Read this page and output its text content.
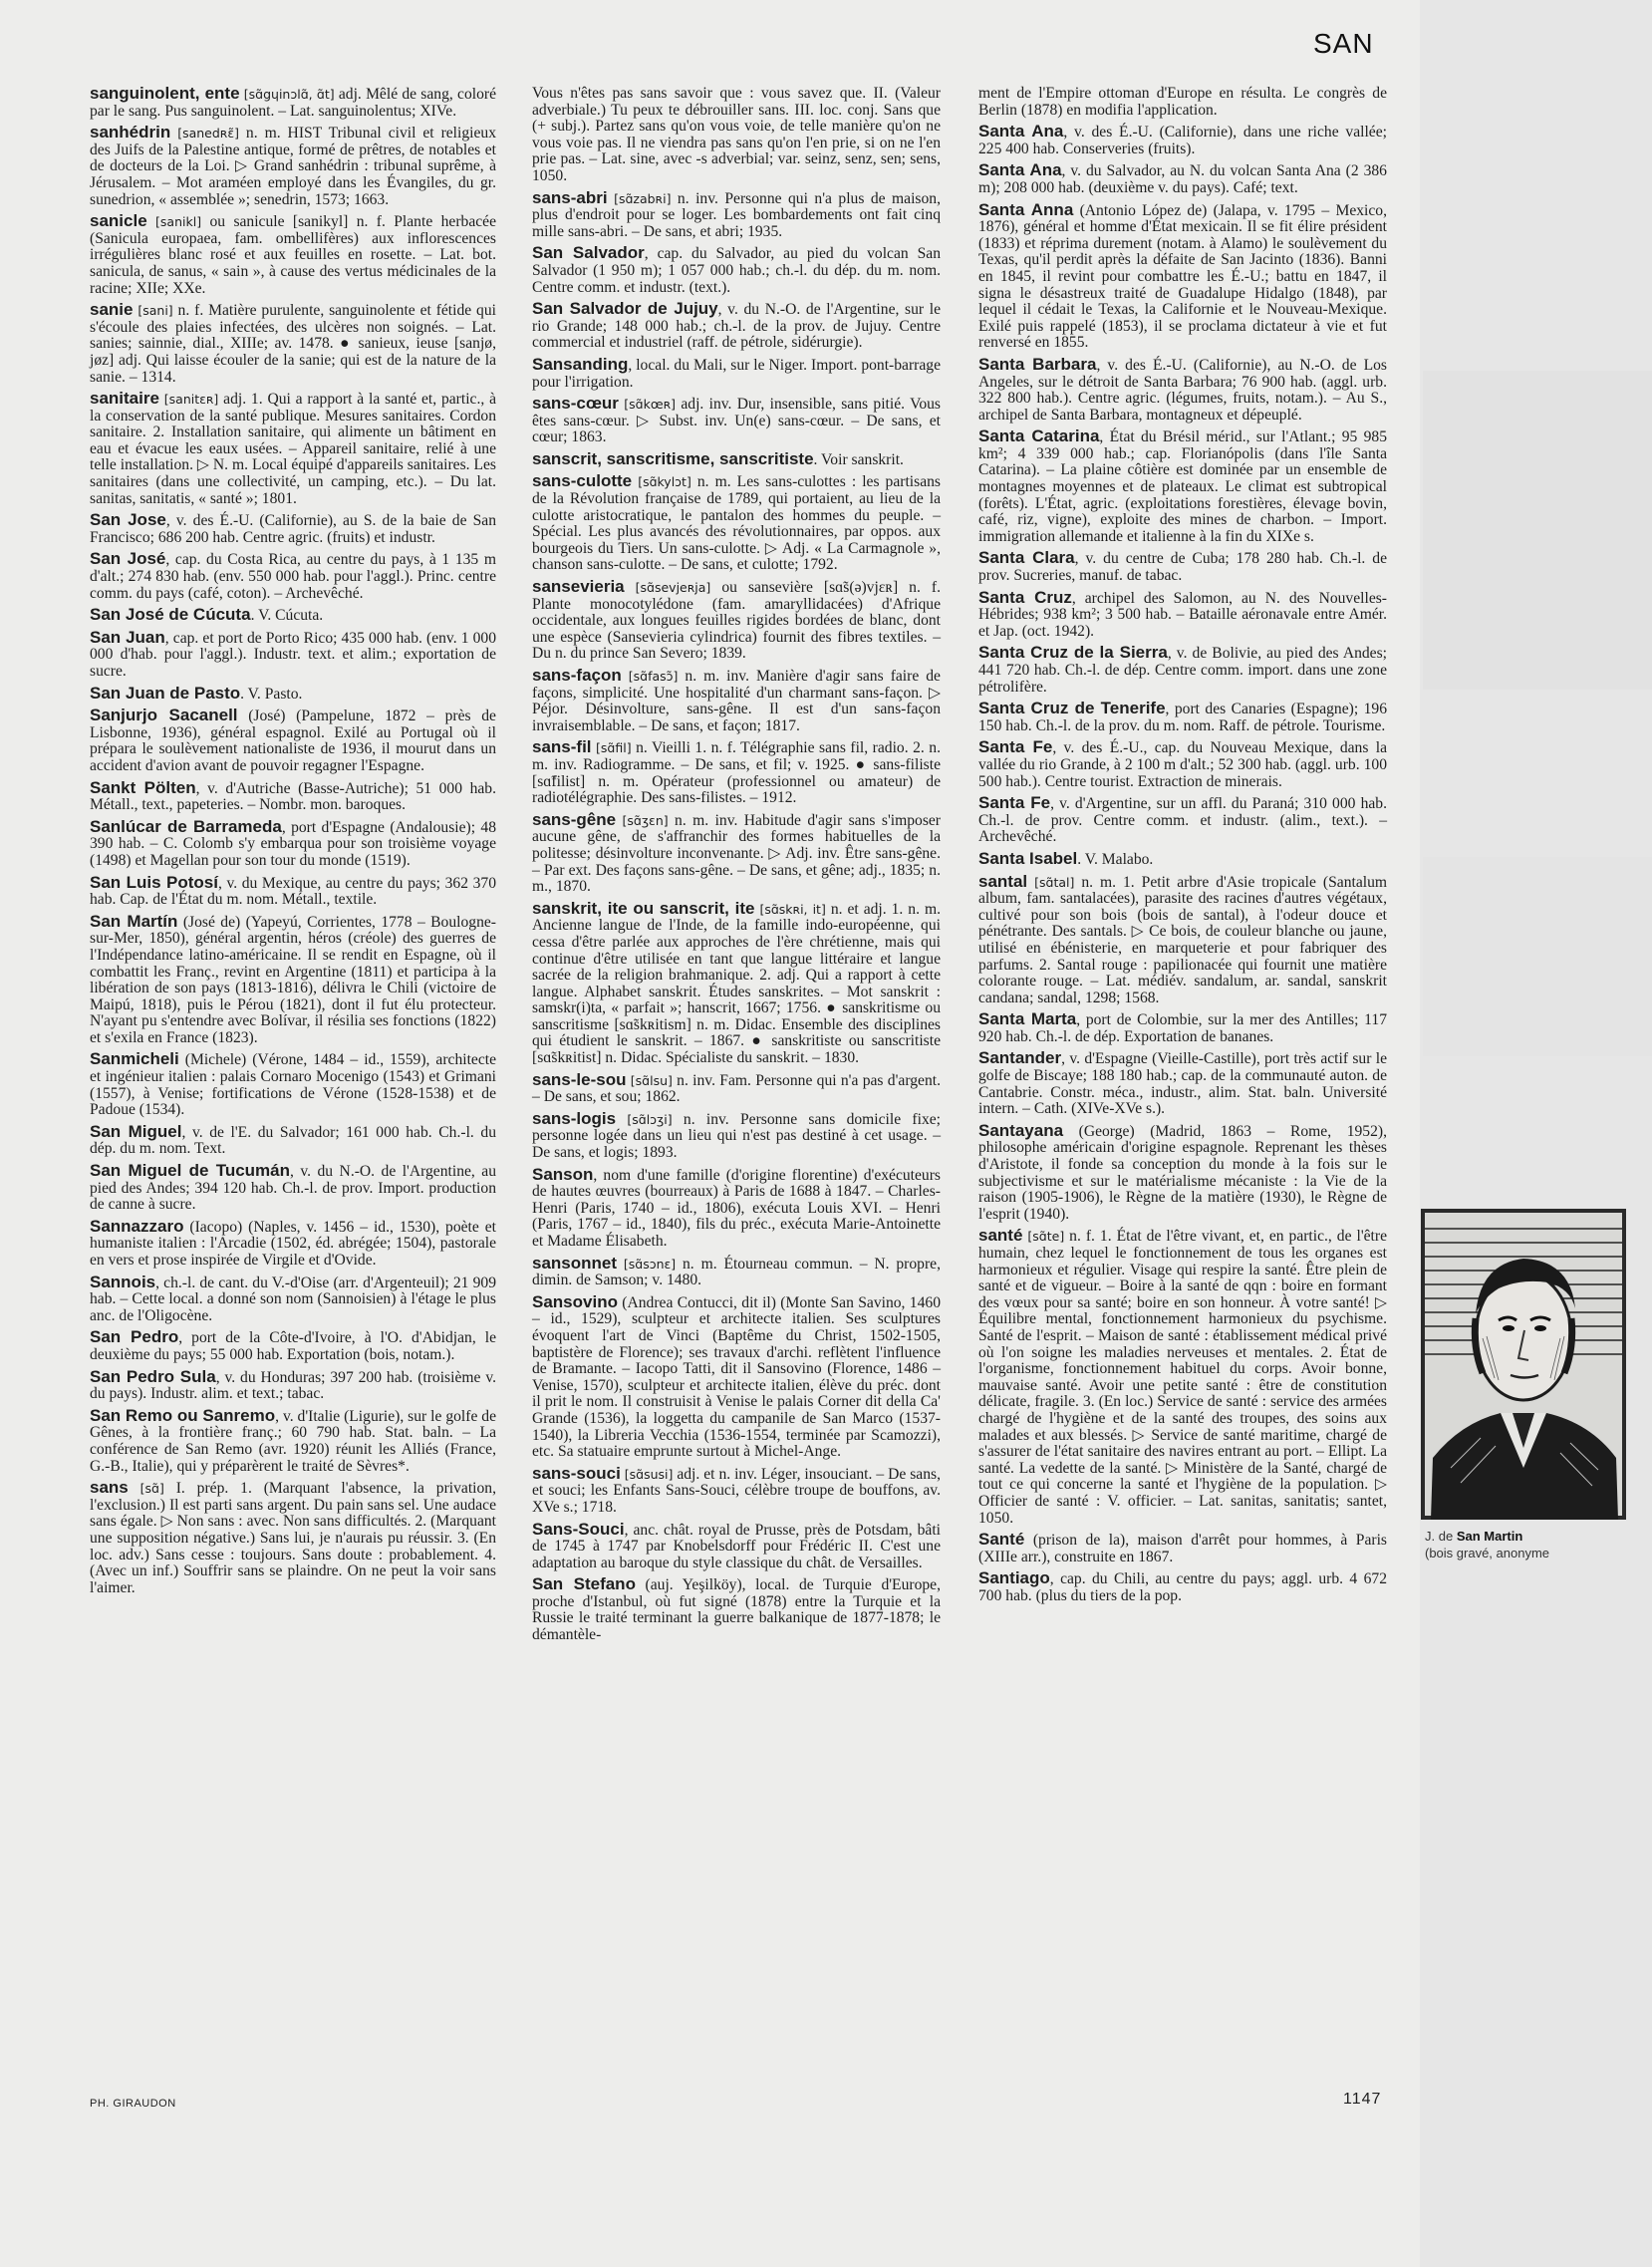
SAN
sanguinolent, ente [sɑ̃gɥinɔlɑ̃, ɑ̃t] adj. Mêlé de sang, coloré par le sang. Pus sanguinolent. – Lat. sanguinolentus; XIVe.
sanhédrin [sanedʀɛ̃] n. m. HIST Tribunal civil et religieux des Juifs de la Palestine antique, formé de prêtres, de notables et de docteurs de la Loi. ▷ Grand sanhédrin : tribunal suprême, à Jérusalem. – Mot araméen employé dans les Évangiles, du gr. sunedrion, « assemblée »; senedrin, 1573; 1663.
sanicle [sanikl] ou sanicule [sanikyl] n. f. Plante herbacée (Sanicula europaea, fam. ombellifères) aux inflorescences irrégulières blanc rosé et aux feuilles en rosette. – Lat. bot. sanicula, de sanus, « sain », à cause des vertus médicinales de la racine; XIIe; XXe.
sanie [sani] n. f. Matière purulente, sanguinolente et fétide qui s'écoule des plaies infectées, des ulcères non soignés. – Lat. sanies; sainnie, dial., XIIIe; av. 1478. ● sanieux, ieuse [sanjø, jøz] adj. Qui laisse écouler de la sanie; qui est de la nature de la sanie. – 1314.
sanitaire [sanitɛʀ] adj. 1. Qui a rapport à la santé et, partic., à la conservation de la santé publique. Mesures sanitaires. Cordon sanitaire. 2. Installation sanitaire, qui alimente un bâtiment en eau et évacue les eaux usées. – Appareil sanitaire, relié à une telle installation. ▷ N. m. Local équipé d'appareils sanitaires. Les sanitaires (dans une collectivité, un camping, etc.). – Du lat. sanitas, sanitatis, « santé »; 1801.
San Jose, v. des É.-U. (Californie), au S. de la baie de San Francisco; 686 200 hab. Centre agric. (fruits) et industr.
San José, cap. du Costa Rica, au centre du pays, à 1 135 m d'alt.; 274 830 hab. (env. 550 000 hab. pour l'aggl.). Princ. centre comm. du pays (café, coton). – Archevêché.
San José de Cúcuta. V. Cúcuta.
San Juan, cap. et port de Porto Rico; 435 000 hab. (env. 1 000 000 d'hab. pour l'aggl.). Industr. text. et alim.; exportation de sucre.
San Juan de Pasto. V. Pasto.
Sanjurjo Sacanell (José) (Pampelune, 1872 – près de Lisbonne, 1936), général espagnol. Exilé au Portugal où il prépara le soulèvement nationaliste de 1936, il mourut dans un accident d'avion avant de pouvoir regagner l'Espagne.
Sankt Pölten, v. d'Autriche (Basse-Autriche); 51 000 hab. Métall., text., papeteries. – Nombr. mon. baroques.
Sanlúcar de Barrameda, port d'Espagne (Andalousie); 48 390 hab. – C. Colomb s'y embarqua pour son troisième voyage (1498) et Magellan pour son tour du monde (1519).
San Luis Potosí, v. du Mexique, au centre du pays; 362 370 hab. Cap. de l'État du m. nom. Métall., textile.
San Martín (José de) (Yapeyú, Corrientes, 1778 – Boulogne-sur-Mer, 1850), général argentin, héros (créole) des guerres de l'Indépendance latino-américaine. Il se rendit en Espagne, où il combattit les Franç., revint en Argentine (1811) et participa à la libération de son pays (1813-1816), délivra le Chili (victoire de Maipú, 1818), puis le Pérou (1821), dont il fut élu protecteur. N'ayant pu s'entendre avec Bolívar, il résilia ses fonctions (1822) et s'exila en France (1823).
Sanmicheli (Michele) (Vérone, 1484 – id., 1559), architecte et ingénieur italien : palais Cornaro Mocenigo (1543) et Grimani (1557), à Venise; fortifications de Vérone (1528-1538) et de Padoue (1534).
San Miguel, v. de l'E. du Salvador; 161 000 hab. Ch.-l. du dép. du m. nom. Text.
San Miguel de Tucumán, v. du N.-O. de l'Argentine, au pied des Andes; 394 120 hab. Ch.-l. de prov. Import. production de canne à sucre.
Sannazzaro (Iacopo) (Naples, v. 1456 – id., 1530), poète et humaniste italien : l'Arcadie (1502, éd. abrégée; 1504), pastorale en vers et prose inspirée de Virgile et d'Ovide.
Sannois, ch.-l. de cant. du V.-d'Oise (arr. d'Argenteuil); 21 909 hab. – Cette local. a donné son nom (Sannoisien) à l'étage le plus anc. de l'Oligocène.
San Pedro, port de la Côte-d'Ivoire, à l'O. d'Abidjan, le deuxième du pays; 55 000 hab. Exportation (bois, notam.).
San Pedro Sula, v. du Honduras; 397 200 hab. (troisième v. du pays). Industr. alim. et text.; tabac.
San Remo ou Sanremo, v. d'Italie (Ligurie), sur le golfe de Gênes, à la frontière franç.; 60 790 hab. Stat. baln. – La conférence de San Remo (avr. 1920) réunit les Alliés (France, G.-B., Italie), qui y préparèrent le traité de Sèvres*.
sans [sɑ̃] I. prép. 1. (Marquant l'absence, la privation, l'exclusion.) Il est parti sans argent. Du pain sans sel. Une audace sans égale. ▷ Non sans : avec. Non sans difficultés. 2. (Marquant une supposition négative.) Sans lui, je n'aurais pu réussir. 3. (En loc. adv.) Sans cesse : toujours. Sans doute : probablement. 4. (Avec un inf.) Souffrir sans se plaindre. On ne peut la voir sans l'aimer.
Vous n'êtes pas sans savoir que : vous savez que. II. (Valeur adverbiale.) Tu peux te débrouiller sans. III. loc. conj. Sans que (+ subj.). Partez sans qu'on vous voie, de telle manière qu'on ne vous voie pas. Il ne viendra pas sans qu'on l'en prie, si on ne l'en prie pas. – Lat. sine, avec -s adverbial; var. seinz, senz, sen; sens, 1050.
sans-abri [sɑ̃zabʀi] n. inv. Personne qui n'a plus de maison, plus d'endroit pour se loger. Les bombardements ont fait cinq mille sans-abri. – De sans, et abri; 1935.
San Salvador, cap. du Salvador, au pied du volcan San Salvador (1 950 m); 1 057 000 hab.; ch.-l. du dép. du m. nom. Centre comm. et industr. (text.).
San Salvador de Jujuy, v. du N.-O. de l'Argentine, sur le rio Grande; 148 000 hab.; ch.-l. de la prov. de Jujuy. Centre commercial et industriel (raff. de pétrole, sidérurgie).
Sansanding, local. du Mali, sur le Niger. Import. pont-barrage pour l'irrigation.
sans-cœur [sɑ̃kœʀ] adj. inv. Dur, insensible, sans pitié. Vous êtes sans-cœur. ▷ Subst. inv. Un(e) sans-cœur. – De sans, et cœur; 1863.
sanscrit, sanscritisme, sanscritiste. Voir sanskrit.
sans-culotte [sɑ̃kylɔt] n. m. Les sans-culottes : les partisans de la Révolution française de 1789, qui portaient, au lieu de la culotte aristocratique, le pantalon des hommes du peuple. – Spécial. Les plus avancés des révolutionnaires, par oppos. aux bourgeois du Tiers. Un sans-culotte. ▷ Adj. « La Carmagnole », chanson sans-culotte. – De sans, et culotte; 1792.
sansevieria [sɑ̃sevjeʀja] ou sansevière [sɑ̃s(ə)vjɛʀ] n. f. Plante monocotylédone (fam. amaryllidacées) d'Afrique occidentale, aux longues feuilles rigides bordées de blanc, dont une espèce (Sansevieria cylindrica) fournit des fibres textiles. – Du n. du prince San Severo; 1839.
sans-façon [sɑ̃fasɔ̃] n. m. inv. Manière d'agir sans faire de façons, simplicité. Une hospitalité d'un charmant sans-façon. ▷ Péjor. Désinvolture, sans-gêne. Il est d'un sans-façon invraisemblable. – De sans, et façon; 1817.
sans-fil [sɑ̃fil] n. Vieilli 1. n. f. Télégraphie sans fil, radio. 2. n. m. inv. Radiogramme. – De sans, et fil; v. 1925. ● sans-filiste [sɑ̃filist] n. m. Opérateur (professionnel ou amateur) de radiotélégraphie. Des sans-filistes. – 1912.
sans-gêne [sɑ̃ʒɛn] n. m. inv. Habitude d'agir sans s'imposer aucune gêne, de s'affranchir des formes habituelles de la politesse; désinvolture inconvenante. ▷ Adj. inv. Être sans-gêne. – Par ext. Des façons sans-gêne. – De sans, et gêne; adj., 1835; n. m., 1870.
sanskrit, ite ou sanscrit, ite [sɑ̃skʀi, it] n. et adj. 1. n. m. Ancienne langue de l'Inde, de la famille indo-européenne, qui cessa d'être parlée aux approches de l'ère chrétienne, mais qui continue d'être utilisée en tant que langue littéraire et langue sacrée de la religion brahmanique. 2. adj. Qui a rapport à cette langue. Alphabet sanskrit. Études sanskrites. – Mot sanskrit : samskr(i)ta, « parfait »; hanscrit, 1667; 1756. ● sanskritisme ou sanscritisme [sɑ̃skʀitism] n. m. Didac. Ensemble des disciplines qui étudient le sanskrit. – 1867. ● sanskritiste ou sanscritiste [sɑ̃skʀitist] n. Didac. Spécialiste du sanskrit. – 1830.
sans-le-sou [sɑ̃lsu] n. inv. Fam. Personne qui n'a pas d'argent. – De sans, et sou; 1862.
sans-logis [sɑ̃lɔʒi] n. inv. Personne sans domicile fixe; personne logée dans un lieu qui n'est pas destiné à cet usage. – De sans, et logis; 1893.
Sanson, nom d'une famille (d'origine florentine) d'exécuteurs de hautes œuvres (bourreaux) à Paris de 1688 à 1847. – Charles-Henri (Paris, 1740 – id., 1806), exécuta Louis XVI. – Henri (Paris, 1767 – id., 1840), fils du préc., exécuta Marie-Antoinette et Madame Élisabeth.
sansonnet [sɑ̃sɔnɛ] n. m. Étourneau commun. – N. propre, dimin. de Samson; v. 1480.
Sansovino (Andrea Contucci, dit il) (Monte San Savino, 1460 – id., 1529), sculpteur et architecte italien. Ses sculptures évoquent l'art de Vinci (Baptême du Christ, 1502-1505, baptistère de Florence); ses travaux d'archi. reflètent l'influence de Bramante. – Iacopo Tatti, dit il Sansovino (Florence, 1486 – Venise, 1570), sculpteur et architecte italien, élève du préc. dont il prit le nom. Il construisit à Venise le palais Corner dit della Ca' Grande (1536), la loggetta du campanile de San Marco (1537-1540), la Libreria Vecchia (1536-1554, terminée par Scamozzi), etc. Sa statuaire emprunte surtout à Michel-Ange.
sans-souci [sɑ̃susi] adj. et n. inv. Léger, insouciant. – De sans, et souci; les Enfants Sans-Souci, célèbre troupe de bouffons, av. XVe s.; 1718.
Sans-Souci, anc. chât. royal de Prusse, près de Potsdam, bâti de 1745 à 1747 par Knobelsdorff pour Frédéric II. C'est une adaptation au baroque du style classique du chât. de Versailles.
San Stefano (auj. Yeşilköy), local. de Turquie d'Europe, proche d'Istanbul, où fut signé (1878) entre la Turquie et la Russie le traité terminant la guerre balkanique de 1877-1878; le démantèle-
ment de l'Empire ottoman d'Europe en résulta. Le congrès de Berlin (1878) en modifia l'application.
Santa Ana, v. des É.-U. (Californie), dans une riche vallée; 225 400 hab. Conserveries (fruits).
Santa Ana, v. du Salvador, au N. du volcan Santa Ana (2 386 m); 208 000 hab. (deuxième v. du pays). Café; text.
Santa Anna (Antonio López de) (Jalapa, v. 1795 – Mexico, 1876), général et homme d'État mexicain. Il se fit élire président (1833) et réprima durement (notam. à Alamo) le soulèvement du Texas, qu'il perdit après la défaite de San Jacinto (1836). Banni en 1845, il revint pour combattre les É.-U.; battu en 1847, il signa le désastreux traité de Guadalupe Hidalgo (1848), par lequel il cédait le Texas, la Californie et le Nouveau-Mexique. Exilé puis rappelé (1853), il se proclama dictateur à vie et fut renversé en 1855.
Santa Barbara, v. des É.-U. (Californie), au N.-O. de Los Angeles, sur le détroit de Santa Barbara; 76 900 hab. (aggl. urb. 322 800 hab.). Centre agric. (légumes, fruits, notam.). – Au S., archipel de Santa Barbara, montagneux et dépeuplé.
Santa Catarina, État du Brésil mérid., sur l'Atlant.; 95 985 km²; 4 339 000 hab.; cap. Florianópolis (dans l'île Santa Catarina). – La plaine côtière est dominée par un ensemble de montagnes moyennes et de plateaux. Le climat est subtropical (forêts). L'État, agric. (exploitations forestières, élevage bovin, café, riz, vigne), exploite des mines de charbon. – Import. immigration allemande et italienne à la fin du XIXe s.
Santa Clara, v. du centre de Cuba; 178 280 hab. Ch.-l. de prov. Sucreries, manuf. de tabac.
Santa Cruz, archipel des Salomon, au N. des Nouvelles-Hébrides; 938 km²; 3 500 hab. – Bataille aéronavale entre Amér. et Jap. (oct. 1942).
Santa Cruz de la Sierra, v. de Bolivie, au pied des Andes; 441 720 hab. Ch.-l. de dép. Centre comm. import. dans une zone pétrolifère.
Santa Cruz de Tenerife, port des Canaries (Espagne); 196 150 hab. Ch.-l. de la prov. du m. nom. Raff. de pétrole. Tourisme.
Santa Fe, v. des É.-U., cap. du Nouveau Mexique, dans la vallée du rio Grande, à 2 100 m d'alt.; 52 300 hab. (aggl. urb. 100 500 hab.). Centre tourist. Extraction de minerais.
Santa Fe, v. d'Argentine, sur un affl. du Paraná; 310 000 hab. Ch.-l. de prov. Centre comm. et industr. (alim., text.). – Archevêché.
Santa Isabel. V. Malabo.
santal [sɑ̃tal] n. m. 1. Petit arbre d'Asie tropicale (Santalum album, fam. santalacées), parasite des racines d'autres végétaux, cultivé pour son bois (bois de santal), à l'odeur douce et pénétrante. Des santals. ▷ Ce bois, de couleur blanche ou jaune, utilisé en ébénisterie, en marqueterie et pour fabriquer des parfums. 2. Santal rouge : papilionacée qui fournit une matière colorante rouge. – Lat. médiév. sandalum, ar. sandal, sanskrit candana; sandal, 1298; 1568.
Santa Marta, port de Colombie, sur la mer des Antilles; 117 920 hab. Ch.-l. de dép. Exportation de bananes.
Santander, v. d'Espagne (Vieille-Castille), port très actif sur le golfe de Biscaye; 188 180 hab.; cap. de la communauté auton. de Cantabrie. Constr. méca., industr., alim. Stat. baln. Université intern. – Cath. (XIVe-XVe s.).
Santayana (George) (Madrid, 1863 – Rome, 1952), philosophe américain d'origine espagnole. Reprenant les thèses d'Aristote, il fonde sa conception du monde à la fois sur le subjectivisme et sur le matérialisme mécaniste : la Vie de la raison (1905-1906), le Règne de la matière (1930), le Règne de l'esprit (1940).
santé [sɑ̃te] n. f. 1. État de l'être vivant, et, en partic., de l'être humain, chez lequel le fonctionnement de tous les organes est harmonieux et régulier. Visage qui respire la santé. Être plein de santé et de vigueur. – Boire à la santé de qqn : boire en formant des vœux pour sa santé; boire en son honneur. À votre santé! ▷ Équilibre mental, fonctionnement harmonieux du psychisme. Santé de l'esprit. – Maison de santé : établissement médical privé où l'on soigne les maladies nerveuses et mentales. 2. État de l'organisme, fonctionnement habituel du corps. Avoir bonne, mauvaise santé. Avoir une petite santé : être de constitution délicate, fragile. 3. (En loc.) Service de santé : service des armées chargé de l'hygiène et de la santé des troupes, des soins aux malades et aux blessés. ▷ Service de santé maritime, chargé de s'assurer de l'état sanitaire des navires entrant au port. – Ellipt. La santé. La vedette de la santé. ▷ Ministère de la Santé, chargé de tout ce qui concerne la santé et l'hygiène de la population. ▷ Officier de santé : V. officier. – Lat. sanitas, sanitatis; santet, 1050.
Santé (prison de la), maison d'arrêt pour hommes, à Paris (XIIIe arr.), construite en 1867.
Santiago, cap. du Chili, au centre du pays; aggl. urb. 4 672 700 hab. (plus du tiers de la pop.
J. de San Martin
(bois gravé, anonyme
PH. GIRAUDON	1147
